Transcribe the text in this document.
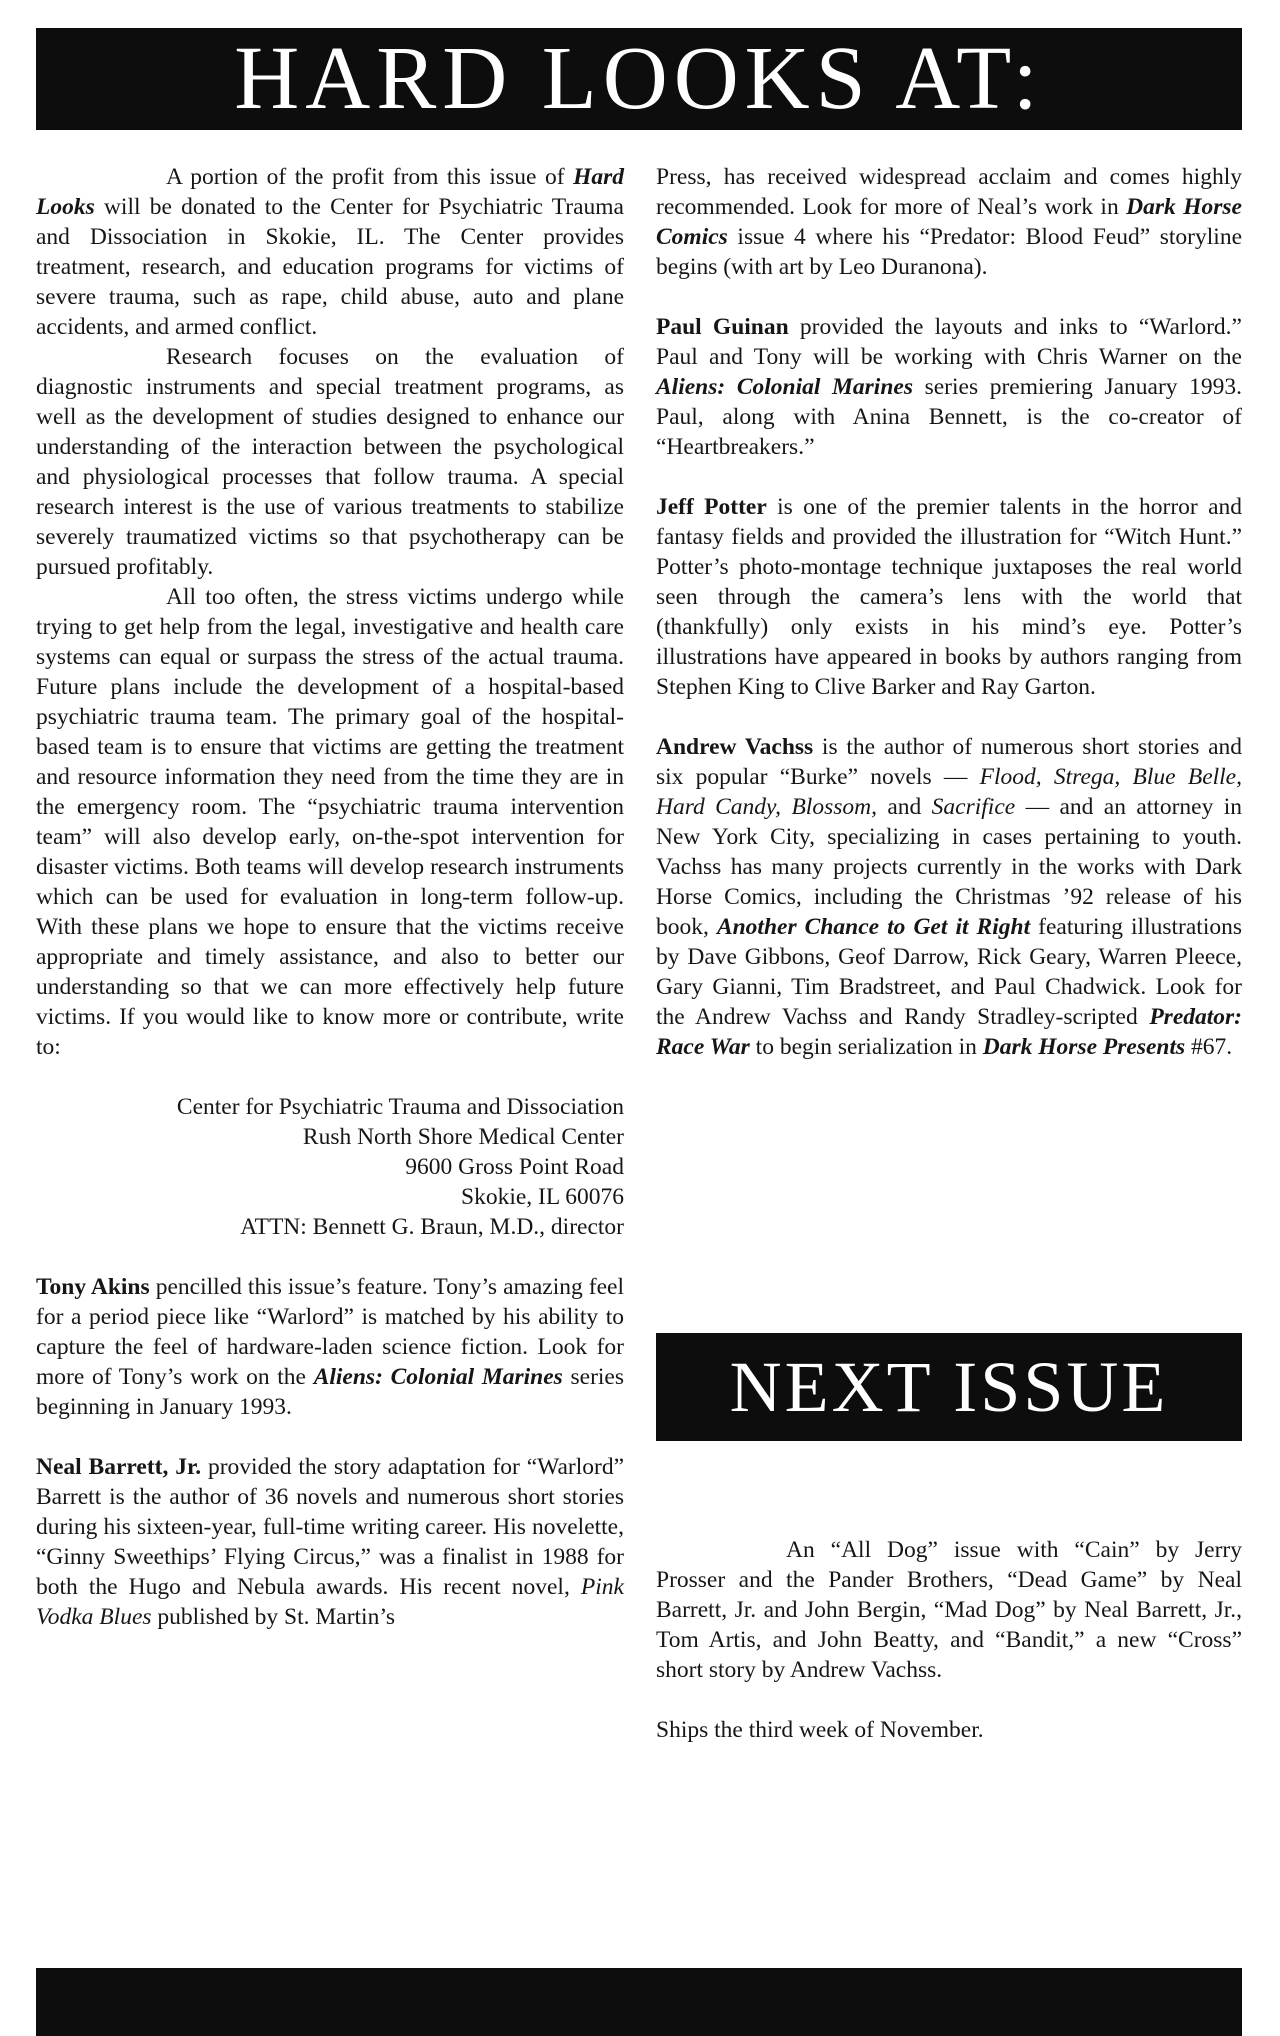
HARD LOOKS AT:

A portion of the profit from this issue of Hard Looks will be donated to the Center for Psychiatric Trauma and Dissociation in Skokie, IL. The Center provides treatment, research, and education programs for victims of severe trauma, such as rape, child abuse, auto and plane accidents, and armed conflict.

Research focuses on the evaluation of diagnostic instruments and special treatment programs, as well as the development of studies designed to enhance our understanding of the interaction between the psychological and physiological processes that follow trauma. A special research interest is the use of various treatments to stabilize severely traumatized victims so that psychotherapy can be pursued profitably.

All too often, the stress victims undergo while trying to get help from the legal, investigative and health care systems can equal or surpass the stress of the actual trauma. Future plans include the development of a hospital-based psychiatric trauma team. The primary goal of the hospital-based team is to ensure that victims are getting the treatment and resource information they need from the time they are in the emergency room. The “psychiatric trauma intervention team” will also develop early, on-the-spot intervention for disaster victims. Both teams will develop research instruments which can be used for evaluation in long-term follow-up. With these plans we hope to ensure that the victims receive appropriate and timely assistance, and also to better our understanding so that we can more effectively help future victims. If you would like to know more or contribute, write to:

Center for Psychiatric Trauma and Dissociation
Rush North Shore Medical Center
9600 Gross Point Road
Skokie, IL 60076
ATTN: Bennett G. Braun, M.D., director

Tony Akins pencilled this issue’s feature. Tony’s amazing feel for a period piece like “Warlord” is matched by his ability to capture the feel of hardware-laden science fiction. Look for more of Tony’s work on the Aliens: Colonial Marines series beginning in January 1993.

Neal Barrett, Jr. provided the story adaptation for “Warlord” Barrett is the author of 36 novels and numerous short stories during his sixteen-year, full-time writing career. His novelette, “Ginny Sweethips’ Flying Circus,” was a finalist in 1988 for both the Hugo and Nebula awards. His recent novel, Pink Vodka Blues published by St. Martin’s

Press, has received widespread acclaim and comes highly recommended. Look for more of Neal’s work in Dark Horse Comics issue 4 where his “Predator: Blood Feud” storyline begins (with art by Leo Duranona).

Paul Guinan provided the layouts and inks to “Warlord.” Paul and Tony will be working with Chris Warner on the Aliens: Colonial Marines series premiering January 1993. Paul, along with Anina Bennett, is the co-creator of “Heartbreakers.”

Jeff Potter is one of the premier talents in the horror and fantasy fields and provided the illustration for “Witch Hunt.” Potter’s photo-montage technique juxtaposes the real world seen through the camera’s lens with the world that (thankfully) only exists in his mind’s eye. Potter’s illustrations have appeared in books by authors ranging from Stephen King to Clive Barker and Ray Garton.

Andrew Vachss is the author of numerous short stories and six popular “Burke” novels — Flood, Strega, Blue Belle, Hard Candy, Blossom, and Sacrifice — and an attorney in New York City, specializing in cases pertaining to youth. Vachss has many projects currently in the works with Dark Horse Comics, including the Christmas ’92 release of his book, Another Chance to Get it Right featuring illustrations by Dave Gibbons, Geof Darrow, Rick Geary, Warren Pleece, Gary Gianni, Tim Bradstreet, and Paul Chadwick. Look for the Andrew Vachss and Randy Stradley-scripted Predator: Race War to begin serialization in Dark Horse Presents #67.

NEXT ISSUE

An “All Dog” issue with “Cain” by Jerry Prosser and the Pander Brothers, “Dead Game” by Neal Barrett, Jr. and John Bergin, “Mad Dog” by Neal Barrett, Jr., Tom Artis, and John Beatty, and “Bandit,” a new “Cross” short story by Andrew Vachss.

Ships the third week of November.
